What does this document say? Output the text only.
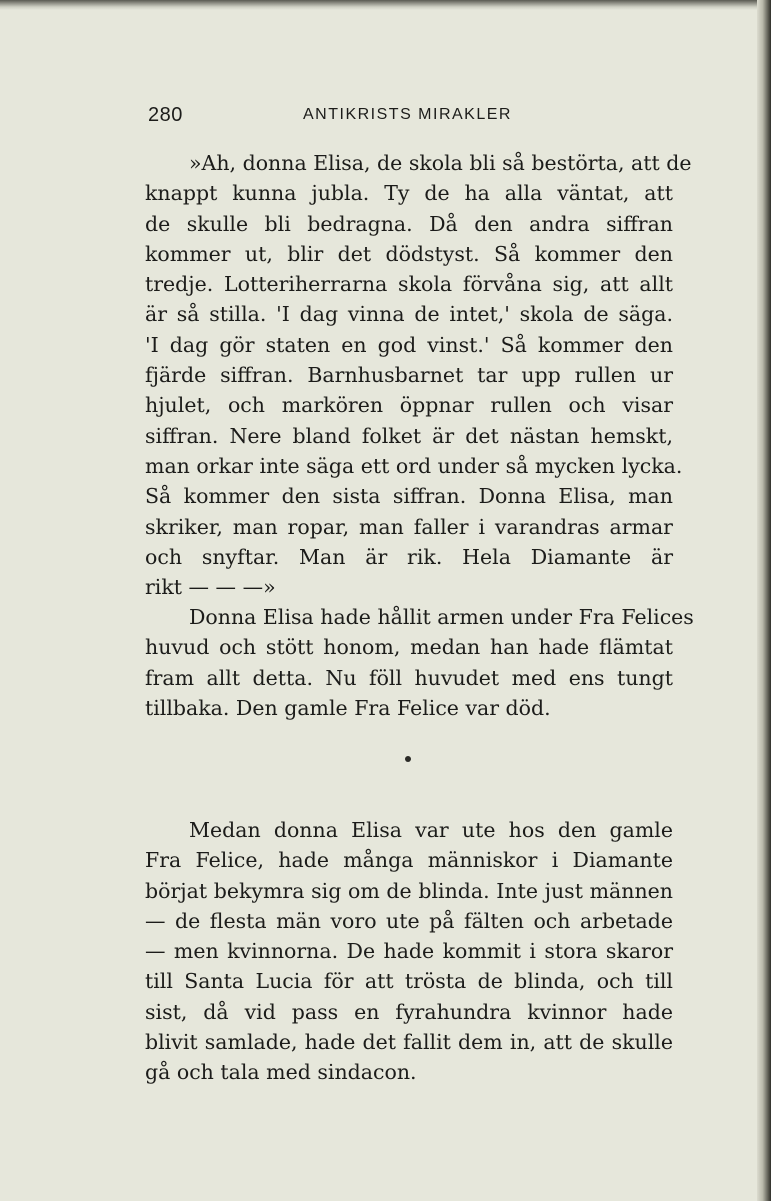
280	ANTIKRISTS MIRAKLER

»Ah, donna Elisa, de skola bli så bestörta, att de
knappt kunna jubla. Ty de ha alla väntat, att
de skulle bli bedragna. Då den andra siffran
kommer ut, blir det dödstyst. Så kommer den
tredje. Lotteriherrarna skola förvåna sig, att allt
är så stilla. 'I dag vinna de intet,' skola de säga.
'I dag gör staten en god vinst.' Så kommer den
fjärde siffran. Barnhusbarnet tar upp rullen ur
hjulet, och markören öppnar rullen och visar
siffran. Nere bland folket är det nästan hemskt,
man orkar inte säga ett ord under så mycken lycka.
Så kommer den sista siffran. Donna Elisa, man
skriker, man ropar, man faller i varandras armar
och snyftar. Man är rik. Hela Diamante är
rikt — — —»

Donna Elisa hade hållit armen under Fra Felices
huvud och stött honom, medan han hade flämtat
fram allt detta. Nu föll huvudet med ens tungt
tillbaka. Den gamle Fra Felice var död.

Medan donna Elisa var ute hos den gamle
Fra Felice, hade många människor i Diamante
börjat bekymra sig om de blinda. Inte just männen
— de flesta män voro ute på fälten och arbetade
— men kvinnorna. De hade kommit i stora skaror
till Santa Lucia för att trösta de blinda, och till
sist, då vid pass en fyrahundra kvinnor hade
blivit samlade, hade det fallit dem in, att de skulle
gå och tala med sindacon.
